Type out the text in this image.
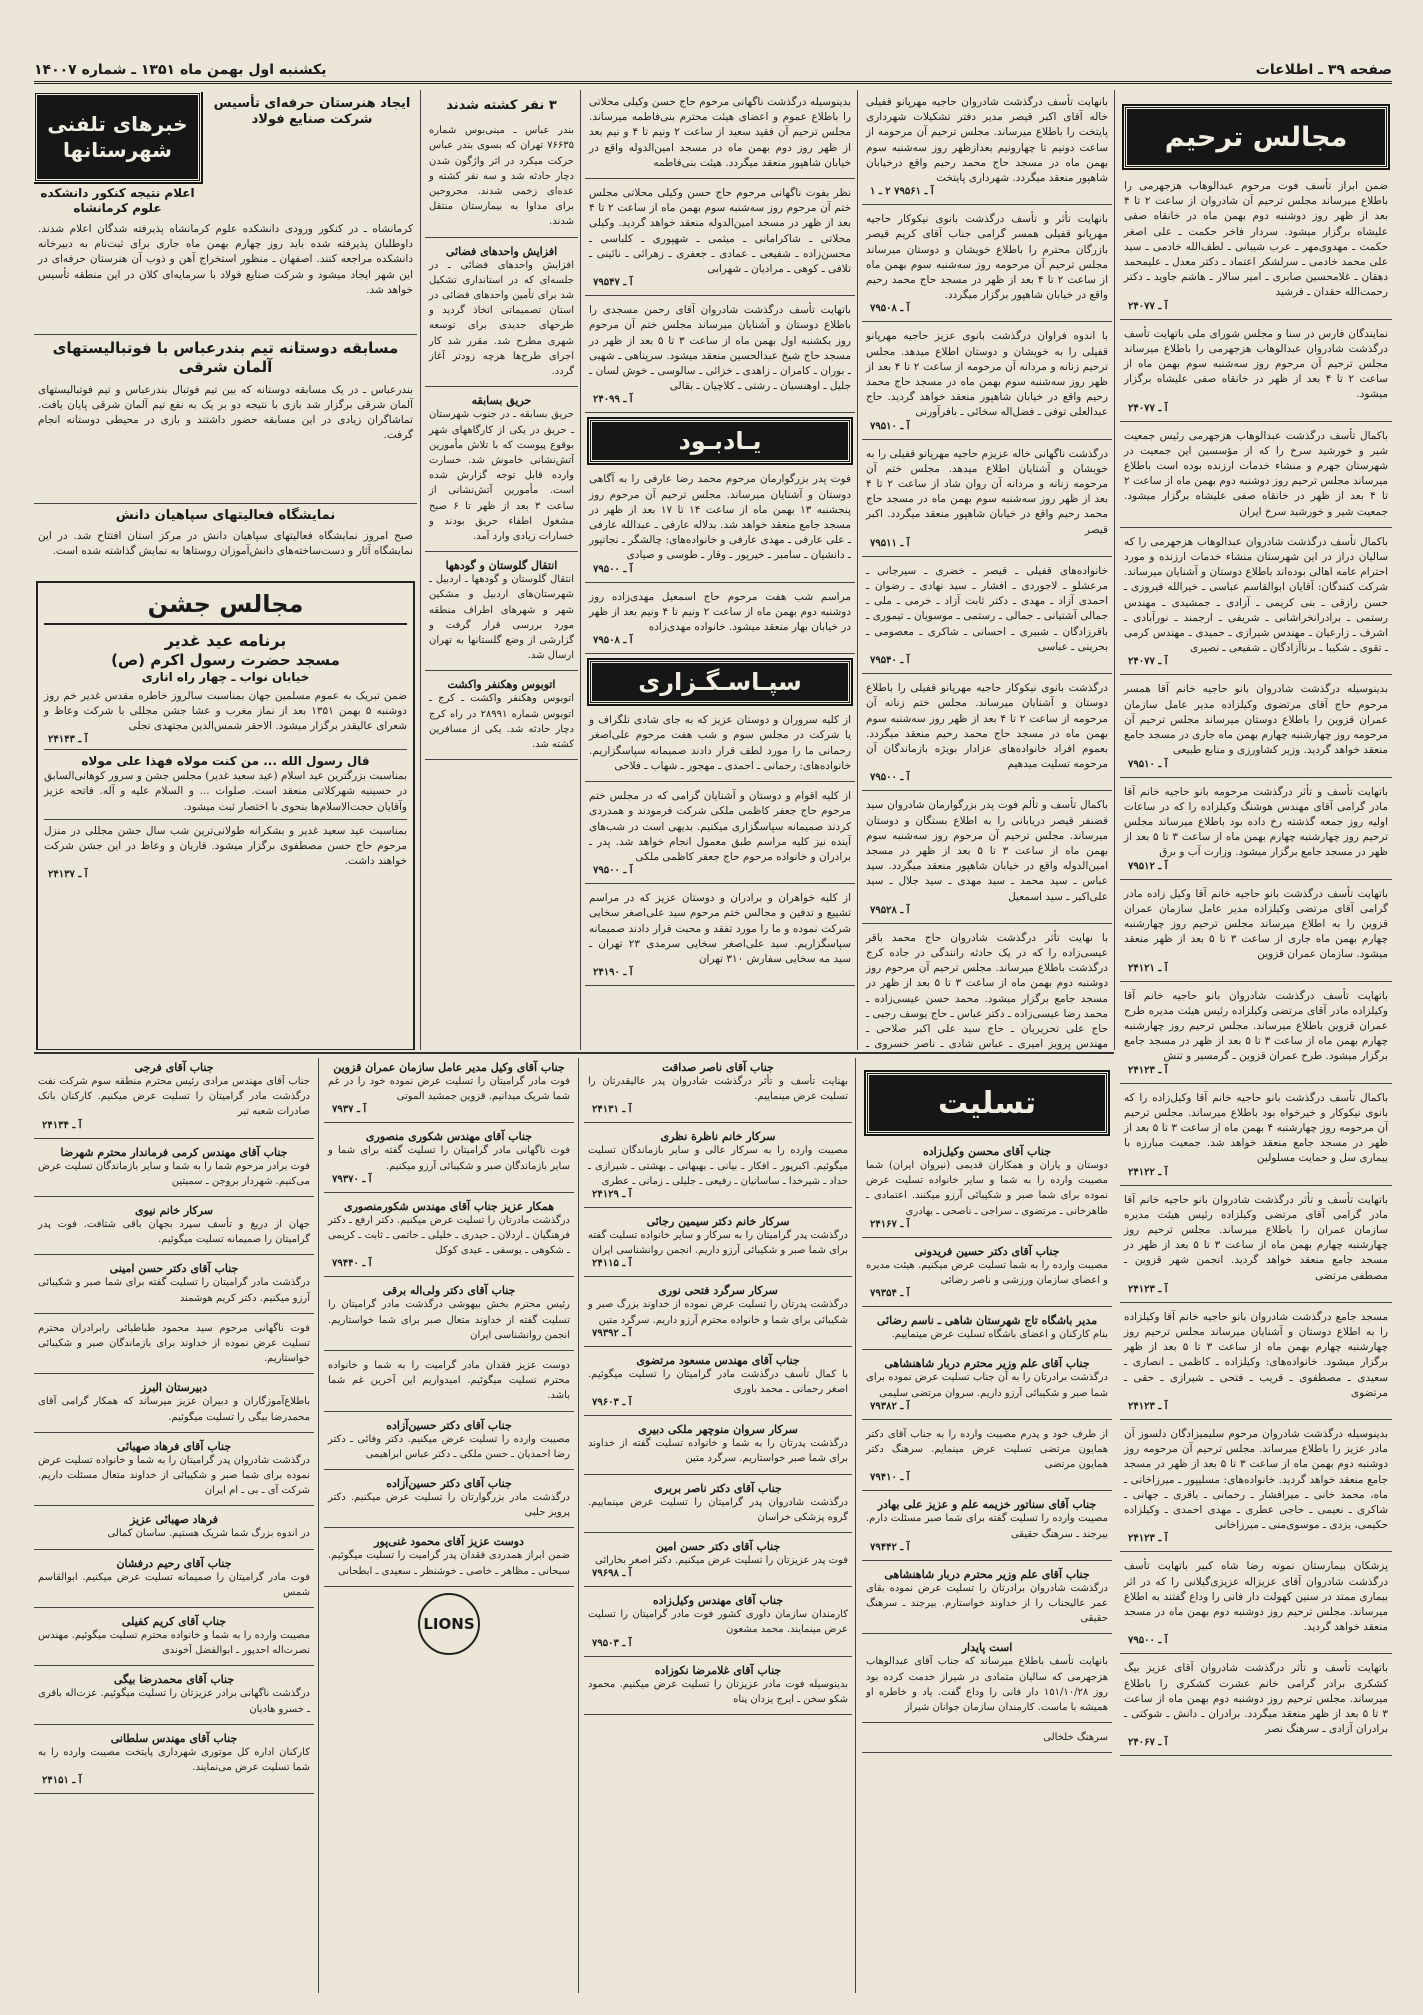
صفحه ۳۹ ـ اطلاعات
یکشنبه اول بهمن ماه ۱۳۵۱ ـ شماره ۱۴۰۰۷
مجالس ترحیم
ضمن ابراز تأسف فوت مرحوم عبدالوهاب هزجهرمی را باطلاع میرساند مجلس ترحیم آن شادروان از ساعت ۲ تا ۴ بعد از ظهر روز دوشنبه دوم بهمن ماه در خانقاه صفی علیشاه برگزار میشود. سردار فاخر حکمت ـ علی اصغر حکمت ـ مهدوی‌مهر ـ عرب شیبانی ـ لطف‌الله خادمی ـ سید علی محمد خادمی ـ سرلشکر اعتماد ـ دکتر معدل ـ علیمحمد دهقان ـ غلامحسین صابری ـ امیر سالار ـ هاشم جاوید ـ دکتر رحمت‌الله حقدان ـ فرشید
آ ـ ۲۴۰۷۷
نمایندگان فارس در سنا و مجلس شورای ملی باتهایت تأسف درگذشت شادروان عبدالوهاب هزجهرمی را باطلاع میرساند مجلس ترحیم آن مرحوم روز سه‌شنبه سوم بهمن ماه از ساعت ۲ تا ۴ بعد از ظهر در خانقاه صفی علیشاه برگزار میشود.
آ ـ ۲۴۰۷۷
باکمال تأسف درگذشت عبدالوهاب هزجهرمی رئیس جمعیت شیر و خورشید سرخ را که از مؤسسین این جمعیت در شهرستان جهرم و منشاء خدمات ارزنده بوده است باطلاع میرساند مجلس ترحیم روز دوشنبه دوم بهمن ماه از ساعت ۲ تا ۴ بعد از ظهر در خانقاه صفی علیشاه برگزار میشود. جمعیت شیر و خورشید سرخ ایران
باکمال تأسف درگذشت شادروان عبدالوهاب هزجهرمی را که سالیان دراز در این شهرستان منشاء خدمات ارزنده و مورد احترام عامه اهالی بوده‌اند باطلاع دوستان و آشنایان میرساند. شرکت کنندگان: آقایان ابوالقاسم عباسی ـ خیرالله فیروزی ـ حسن رازقی ـ بنی کریمی ـ آزادی ـ جمشیدی ـ مهندس رستمی ـ برادرانخراشانی ـ شریفی ـ ارجمند ـ نورآبادی ـ اشرف ـ زارعیان ـ مهندس شیرازی ـ حمیدی ـ مهندس کرمی ـ تقوی ـ شکیبا ـ برناآزادگان ـ شفیعی ـ نصیری
آ ـ ۲۴۰۷۷
بدینوسیله درگذشت شادروان بانو حاجیه خانم آقا همسر مرحوم حاج آقای مرتضوی وکیلزاده مدیر عامل سازمان عمران قزوین را باطلاع دوستان میرساند مجلس ترحیم آن مرحومه روز چهارشنبه چهارم بهمن ماه جاری در مسجد جامع منعقد خواهد گردید. وزیر کشاورزی و منابع طبیعی
آ ـ ۷۹۵۱۰
باتهایت تأسف و تأثر درگذشت مرحومه بانو حاجیه خانم آقا مادر گرامی آقای مهندس هوشنگ وکیلزاده را که در ساعات اولیه روز جمعه گذشته رخ داده بود باطلاع میرساند مجلس ترحیم روز چهارشنبه چهارم بهمن ماه از ساعت ۳ تا ۵ بعد از ظهر در مسجد جامع برگزار میشود. وزارت آب و برق
آ ـ ۷۹۵۱۲
باتهایت تأسف درگذشت بانو حاجیه خانم آقا وکیل زاده مادر گرامی آقای مرتضی وکیلزاده مدیر عامل سازمان عمران قزوین را به اطلاع میرساند مجلس ترحیم روز چهارشنبه چهارم بهمن ماه جاری از ساعت ۳ تا ۵ بعد از ظهر منعقد میشود. سازمان عمران قزوین
آ ـ ۲۴۱۲۱
باتهایت تأسف درگذشت شادروان بانو حاجیه خانم آقا وکیلزاده مادر آقای مرتضی وکیلزاده رئیس هیئت مدیره طرح عمران قزوین باطلاع میرساند. مجلس ترحیم روز چهارشنبه چهارم بهمن ماه از ساعت ۳ تا ۵ بعد از ظهر در مسجد جامع برگزار میشود. طرح عمران قزوین ـ گرمسیر و تنش
آ ـ ۲۴۱۲۳
باکمال تأسف درگذشت بانو حاجیه خانم آقا وکیل‌زاده را که بانوی نیکوکار و خیرخواه بود باطلاع میرساند. مجلس ترحیم آن مرحومه روز چهارشنبه ۴ بهمن ماه از ساعت ۳ تا ۵ بعد از ظهر در مسجد جامع منعقد خواهد شد. جمعیت مبارزه با بیماری سل و حمایت مسلولین
آ ـ ۲۴۱۲۲
باتهایت تأسف و تأثر درگذشت شادروان بانو حاجیه خانم آقا مادر گرامی آقای مرتضی وکیلزاده رئیس هیئت مدیره سازمان عمران را باطلاع میرساند. مجلس ترحیم روز چهارشنبه چهارم بهمن ماه از ساعت ۳ تا ۵ بعد از ظهر در مسجد جامع منعقد خواهد گردید. انجمن شهر قزوین ـ مصطفی مرتضی
آ ـ ۲۴۱۲۳
مسجد جامع درگذشت شادروان بانو حاجیه خانم آقا وکیلزاده را به اطلاع دوستان و آشنایان میرساند مجلس ترحیم روز چهارشنبه چهارم بهمن ماه از ساعت ۳ تا ۵ بعد از ظهر برگزار میشود. خانواده‌های: وکیلزاده ـ کاظمی ـ انصاری ـ سعیدی ـ مصطفوی ـ قریب ـ فتحی ـ شیرازی ـ حقی ـ مرتضوی
آ ـ ۲۴۱۲۳
بدینوسیله درگذشت شادروان مرحوم سلیمیزادگان دلسوز آن مادر عزیز را باطلاع میرساند. مجلس ترحیم آن مرحومه روز دوشنبه دوم بهمن ماه از ساعت ۳ تا ۵ بعد از ظهر در مسجد جامع منعقد خواهد گردید. خانواده‌های: مسلیپور ـ میرزاخانی ـ ماه، محمد خانی ـ میرافشار ـ رحمانی ـ باقری ـ جهانی ـ شاکری ـ نعیمی ـ حاجی عطری ـ مهدی احمدی ـ وکیلزاده حکیمی، یزدی ـ موسوی‌منی ـ میرزاخانی
آ ـ ۲۴۱۲۳
پزشکان بیمارستان نمونه رضا شاه کبیر باتهایت تأسف درگذشت شادروان آقای عزیزاله عزیزی‌گیلانی را که در اثر بیماری ممتد در سنین کهولت دار فانی را وداع گفتند به اطلاع میرساند. مجلس ترحیم روز دوشنبه دوم بهمن ماه در مسجد منعقد خواهد گردید.
آ ـ ۷۹۵۰۰
باتهایت تأسف و تأثر درگذشت شادروان آقای عزیز بیگ کشکری برادر گرامی خانم عشرت کشکری را باطلاع میرساند. مجلس ترحیم روز دوشنبه دوم بهمن ماه از ساعت ۳ تا ۵ بعد از ظهر منعقد میگردد. برادران ـ دانش ـ شوکتی ـ برادران آزادی ـ سرهنگ نصر
آ ـ ۲۴۰۶۷
بانهایت تأسف درگذشت شادروان حاجیه مهرپانو قفیلی خاله آقای اکبر قیصر مدیر دفتر تشکیلات شهرداری پایتخت را باطلاع میرساند. مجلس ترحیم آن مرحومه از ساعت دونیم تا چهارونیم بعدازظهر روز سه‌شنبه سوم بهمن ماه در مسجد حاج محمد رحیم واقع درخیابان شاهپور منعقد میگردد. شهرداری پایتخت
آ ـ ۷۹۵۶۱ ۲ ـ ۱
بانهایت تأثر و تأسف درگذشت بانوی نیکوکار حاجیه مهرپانو قفیلی همسر گرامی جناب آقای کریم قیصر بازرگان محترم را باطلاع خویشان و دوستان میرساند مجلس ترحیم آن مرحومه روز سه‌شنبه سوم بهمن ماه از ساعت ۲ تا ۴ بعد از ظهر در مسجد حاج محمد رحیم واقع در خیابان شاهپور برگزار میگردد.
آ ـ ۷۹۵۰۸
با اندوه فراوان درگذشت بانوی عزیز حاجیه مهرپانو قفیلی را به خویشان و دوستان اطلاع میدهد. مجلس ترحیم زنانه و مردانه آن مرحومه از ساعت ۲ تا ۴ بعد از ظهر روز سه‌شنبه سوم بهمن ماه در مسجد حاج محمد رحیم واقع در خیابان شاهپور منعقد خواهد گردید. حاج عبدالعلی توفی ـ فضل‌اله سخائی ـ بافرآورنی
آ ـ ۷۹۵۱۰
درگذشت ناگهانی خاله عزیزم حاجیه مهرپانو قفیلی را به خویشان و آشنایان اطلاع میدهد. مجلس ختم آن مرحومه زنانه و مردانه آن روان شاد از ساعت ۲ تا ۴ بعد از ظهر روز سه‌شنبه سوم بهمن ماه در مسجد حاج محمد رحیم واقع در خیابان شاهپور منعقد میگردد. اکبر قیصر
آ ـ ۷۹۵۱۱
خانواده‌های قفیلی ـ قیصر ـ خضری ـ سیرجانی ـ مرعشلو ـ لاجوردی ـ افشار ـ سید نهادی ـ رضوان ـ احمدی آزاد ـ مهدی ـ دکتر ثابت آزاد ـ خرمی ـ ملی ـ جمالی آشتیانی ـ جمالی ـ رستمی ـ موسویان ـ تیموری ـ باقرزادگان ـ شبیری ـ احسانی ـ شاکری ـ معصومی ـ بحرینی ـ عباسی
آ ـ ۷۹۵۴۰
درگذشت بانوی نیکوکار حاجیه مهرپانو قفیلی را باطلاع دوستان و آشنایان میرساند. مجلس ختم زنانه آن مرحومه از ساعت ۲ تا ۴ بعد از ظهر روز سه‌شنبه سوم بهمن ماه در مسجد حاج محمد رحیم منعقد میگردد. بعموم افراد خانواده‌های عزادار بویژه بازماندگان آن مرحومه تسلیت میدهیم
آ ـ ۷۹۵۰۰
باکمال تأسف و تألم فوت پدر بزرگوارمان شادروان سید قضنفر قیصر دریابانی را به اطلاع بستگان و دوستان میرساند. مجلس ترحیم آن مرحوم روز سه‌شنبه سوم بهمن ماه از ساعت ۳ تا ۵ بعد از ظهر در مسجد امین‌الدوله واقع در خیابان شاهپور منعقد میگردد. سید عباس ـ سید محمد ـ سید مهدی ـ سید جلال ـ سید علی‌اکبر ـ سید اسمعیل
آ ـ ۷۹۵۲۸
با نهایت تأثر درگذشت شادروان حاج محمد باقر عیسی‌زاده را که در یک حادثه رانندگی در جاده کرج درگذشت باطلاع میرساند. مجلس ترحیم آن مرحوم روز دوشنبه دوم بهمن ماه از ساعت ۳ تا ۵ بعد از ظهر در مسجد جامع برگزار میشود. محمد حسن عیسی‌زاده ـ محمد رضا عیسی‌زاده ـ دکتر عباس ـ حاج یوسف رجبی ـ حاج علی تحریریان ـ حاج سید علی اکبر صلاحی ـ مهندس پرویز امیری ـ عباس شادی ـ ناصر خسروی ـ
بدینوسیله درگذشت ناگهانی مرحوم حاج حسن وکیلی محلاتی را باطلاع عموم و اعضای هیئت محترم بنی‌فاطمه میرساند. مجلس ترحیم آن فقید سعید از ساعت ۲ ونیم تا ۴ و نیم بعد از ظهر روز دوم بهمن ماه در مسجد امین‌الدوله واقع در خیابان شاهپور منعقد میگردد. هیئت بنی‌فاطمه
نظر بفوت ناگهانی مرحوم حاج حسن وکیلی محلاتی مجلس ختم آن مرحوم روز سه‌شنبه سوم بهمن ماه از ساعت ۲ تا ۴ بعد از ظهر در مسجد امین‌الدوله منعقد خواهد گردید. وکیلی محلاتی ـ شاکرامانی ـ میثمی ـ شهپوری ـ کلباسی ـ محسن‌زاده ـ شفیعی ـ عمادی ـ جعفری ـ زهرائی ـ نائینی ـ تلافی ـ کوهی ـ مرادیان ـ شهرابی
آ ـ ۷۹۵۴۷
باتهایت تأسف درگذشت شادروان آقای رحمن مسجدی را باطلاع دوستان و آشنایان میرساند مجلس ختم آن مرحوم روز یکشنبه اول بهمن ماه از ساعت ۳ تا ۵ بعد از ظهر در مسجد حاج شیخ عبدالحسین منعقد میشود. سرپناهی ـ شهبی ـ بوران ـ کامران ـ زاهدی ـ خزائی ـ سالوسی ـ خوش لسان ـ جلیل ـ اوهنسیان ـ رشتی ـ کلاچیان ـ بقالی
آ ـ ۲۴۰۹۹
یـادبـود
فوت پدر بزرگوارمان مرحوم محمد رضا عارفی را به آگاهی دوستان و آشنایان میرساند. مجلس ترحیم آن مرحوم روز پنجشنبه ۱۳ بهمن ماه از ساعت ۱۴ تا ۱۷ بعد از ظهر در مسجد جامع منعقد خواهد شد. بدلاله عارفی ـ عبدالله عارفی ـ علی عارفی ـ مهدی عارفی و خانواده‌های: چالشگر ـ نجاتپور ـ دانشیان ـ سامبر ـ خیرپور ـ وقار ـ طوسی و صیادی
آ ـ ۷۹۵۰۰
مراسم شب هفت مرحوم حاج اسمعیل مهدی‌زاده روز دوشنبه دوم بهمن ماه از ساعت ۲ ونیم تا ۴ ونیم بعد از ظهر در خیابان بهار منعقد میشود. خانواده مهدی‌زاده
آ ـ ۷۹۵۰۸
سپـاسـگـزاری
از کلیه سروران و دوستان عزیز که به جای شادی تلگراف و یا شرکت در مجلس سوم و شب هفت مرحوم علی‌اصغر رحمانی ما را مورد لطف قرار دادند صمیمانه سپاسگزاریم. خانواده‌های: رحمانی ـ احمدی ـ مهجور ـ شهاب ـ فلاحی
از کلیه اقوام و دوستان و آشنایان گرامی که در مجلس ختم مرحوم حاج جعفر کاظمی ملکی شرکت فرمودند و همدردی کردند صمیمانه سپاسگزاری میکنیم. بدیهی است در شب‌های آینده نیز کلیه مراسم طبق معمول انجام خواهد شد. پدر ـ برادران و خانواده مرحوم حاج جعفر کاظمی ملکی
آ ـ ۷۹۵۰۰
از کلیه خواهران و برادران و دوستان عزیز که در مراسم تشییع و تدفین و مجالس ختم مرحوم سید علی‌اصغر سخایی شرکت نموده و ما را مورد تفقد و محبت قرار دادند صمیمانه سپاسگزاریم. سید علی‌اصغر سخایی سرمدی ۲۳ تهران ـ سید مه سخایی سفارش ۳۱۰ تهران
آ ـ ۲۴۱۹۰
۳ نفر کشته شدند
بندر عباس ـ مینی‌بوس شماره ۷۶۶۳۵ تهران که بسوی بندر عباس حرکت میکرد در اثر واژگون شدن دچار حادثه شد و سه نفر کشته و عده‌ای زخمی شدند. مجروحین برای مداوا به بیمارستان منتقل شدند.
افزایش واحدهای فضائی
افزایش واحدهای فضائی ـ در جلسه‌ای که در استانداری تشکیل شد برای تأمین واحدهای فضائی در استان تصمیماتی اتخاذ گردید و طرحهای جدیدی برای توسعه شهری مطرح شد. مقرر شد کار اجرای طرح‌ها هرچه زودتر آغاز گردد.
حریق بسابقه
حریق بسابقه ـ در جنوب شهرستان ـ حریق در یکی از کارگاههای شهر بوقوع پیوست که با تلاش مأمورین آتش‌نشانی خاموش شد. خسارت وارده قابل توجه گزارش شده است. مأمورین آتش‌نشانی از ساعت ۳ بعد از ظهر تا ۶ صبح مشغول اطفاء حریق بودند و خسارات زیادی وارد آمد.
انتقال گلوستان و گودهها
انتقال گلوستان و گودهها ـ اردبیل ـ شهرستان‌های اردبیل و مشکین شهر و شهرهای اطراف منطقه مورد بررسی قرار گرفت و گزارشی از وضع گلستانها به تهران ارسال شد.
اتوبوس وهکنفر واکشت
اتوبوس وهکنفر واکشت ـ کرج ـ اتوبوس شماره ۲۸۹۹۱ در راه کرج دچار حادثه شد. یکی از مسافرین کشته شد.
ایجاد هنرستان حرفه‌ای تأسیس شرکت صنایع فولاد
خبرهای تلفنی شهرستانها
اعلام نتیجه کنکور دانشکده علوم کرمانشاه
کرمانشاه ـ در کنکور ورودی دانشکده علوم کرمانشاه پذیرفته شدگان اعلام شدند. داوطلبان پذیرفته شده باید روز چهارم بهمن ماه جاری برای ثبت‌نام به دبیرخانه دانشکده مراجعه کنند. اصفهان ـ منظور استخراج آهن و ذوب آن هنرستان حرفه‌ای در این شهر ایجاد میشود و شرکت صنایع فولاد با سرمایه‌ای کلان در این منطقه تأسیس خواهد شد.
مسابقه دوستانه تیم بندرعباس با فوتبالیستهای آلمان شرقی
بندرعباس ـ در یک مسابقه دوستانه که بین تیم فوتبال بندرعباس و تیم فوتبالیستهای آلمان شرقی برگزار شد بازی با نتیجه دو بر یک به نفع تیم آلمان شرقی پایان یافت. تماشاگران زیادی در این مسابقه حضور داشتند و بازی در محیطی دوستانه انجام گرفت.
نمایشگاه فعالیتهای سپاهیان دانش
صبح امروز نمایشگاه فعالیتهای سپاهیان دانش در مرکز استان افتتاح شد. در این نمایشگاه آثار و دست‌ساخته‌های دانش‌آموزان روستاها به نمایش گذاشته شده است.
مجالس جشن
برنامه عید غدیر
مسجد حضرت رسول اکرم (ص)
خیابان نواب ـ چهار راه اناری
ضمن تبریک به عموم مسلمین جهان بمناسبت سالروز خاطره مقدس غدیر خم روز دوشنبه ۵ بهمن ۱۳۵۱ بعد از نماز مغرب و عشا جشن مجللی با شرکت وعاظ و شعرای عالیقدر برگزار میشود. الاحقر شمس‌الدین مجتهدی تجلی
آ ـ ۲۴۱۴۳
قال رسول الله ... من کنت مولاه فهذا علی مولاه
بمناسبت بزرگترین عید اسلام (عید سعید غدیر) مجلس جشن و سرور کوهانی‌السابق در حسینیه شهرکلاتی منعقد است. صلوات ... و السلام علیه و آله. فاتحه عزیز وآقایان حجت‌الاسلام‌ها بنحوی با اختصار ثبت میشود.
بمناسبت عید سعید غدیر و بشکرانه طولانی‌ترین شب سال جشن مجللی در منزل مرحوم حاج حسن مصطفوی برگزار میشود. قاریان و وعاظ در این جشن شرکت خواهند داشت.
آ ـ ۲۴۱۳۷
تسلیت
جناب آقای محسن وکیل‌زاده
دوستان و یاران و همکاران قدیمی (نیروان ایران) شما مصیبت وارده را به شما و سایر خانواده تسلیت عرض نموده برای شما صبر و شکیبائی آرزو میکنند. اعتمادی ـ طاهرخانی ـ مرتضوی ـ سراجی ـ ناصحی ـ بهادری
آ ـ ۲۴۱۶۷
جناب آقای دکتر حسین فریدونی
مصیبت وارده را به شما تسلیت عرض میکنیم. هیئت مدیره و اعضای سازمان ورزشی و ناصر رضائی
آ ـ ۷۹۳۵۴
مدیر باشگاه تاج شهرستان شاهی ـ ناسم رضائی
بنام کارکنان و اعضای باشگاه تسلیت عرض مینماییم.
جناب آقای علم وزیر محترم دربار شاهنشاهی
درگذشت برادرتان را به آن جناب تسلیت عرض نموده برای شما صبر و شکیبائی آرزو داریم. سروان مرتضی سلیمی
آ ـ ۷۹۳۸۲
از طرف خود و پدرم مصیبت وارده را به جناب آقای دکتر همایون مرتضی تسلیت عرض مینمایم. سرهنگ دکتر همایون مرتضی
آ ـ ۷۹۴۱۰
جناب آقای سناتور خزیمه علم و عزیز علی بهادر
مصیبت وارده را تسلیت گفته برای شما صبر مسئلت دارم. بیرجند ـ سرهنگ حقیقی
آ ـ ۷۹۴۴۲
جناب آقای علم وزیر محترم دربار شاهنشاهی
درگذشت شادروان برادرتان را تسلیت عرض نموده بقای عمر عالیجناب را از خداوند خواستارم. بیرجند ـ سرهنگ حقیقی
است پایدار
بانهایت تأسف باطلاع میرساند که جناب آقای عبدالوهاب هزجهرمی که سالیان متمادی در شیراز خدمت کرده بود روز ۱۵۱/۱۰/۲۸ دار فانی را وداع گفت. یاد و خاطره او همیشه با ماست. کارمندان سازمان جوانان شیراز
سرهنگ خلخالی
جناب آقای ناصر صداقت
بهنایت تأسف و تأثر درگذشت شادروان پدر عالیقدرتان را تسلیت عرض مینماییم.
آ ـ ۲۴۱۳۱
سرکار خانم ناظرة نظری
مصیبت وارده را به سرکار عالی و سایر بازماندگان تسلیت میگوئیم. اکبرپور ـ افکار ـ بیانی ـ بهبهانی ـ بهشتی ـ شیرازی ـ حداد ـ شیرخدا ـ ساسانیان ـ رفیعی ـ جلیلی ـ زمانی ـ عطری
آ ـ ۲۴۱۲۹
سرکار خانم دکتر سیمین رجائی
درگذشت پدر گرامیتان را به سرکار و سایر خانواده تسلیت گفته برای شما صبر و شکیبائی آرزو داریم. انجمن روانشناسی ایران
آ ـ ۲۴۱۱۵
سرکار سرگرد فتحی نوری
درگذشت پدرتان را تسلیت عرض نموده از خداوند بزرگ صبر و شکیبائی برای شما و خانواده محترم آرزو داریم. سرگرد متین
آ ـ ۷۹۳۹۲
جناب آقای مهندس مسعود مرتضوی
با کمال تأسف درگذشت مادر گرامیتان را تسلیت میگوئیم. اصغر رحمانی ـ محمد باوری
آ ـ ۷۹۶۰۳
سرکار سروان منوچهر ملکی دبیری
درگذشت پدرتان را به شما و خانواده تسلیت گفته از خداوند برای شما صبر خواستاریم. سرگرد متین
جناب آقای دکتر ناصر بربری
درگذشت شادروان پدر گرامیتان را تسلیت عرض مینماییم. گروه پزشکی خراسان
جناب آقای دکتر حسن امین
فوت پدر عزیزتان را تسلیت عرض میکنیم. دکتر اصغر بخارائی
آ ـ ۷۹۶۹۸
جناب آقای مهندس وکیل‌زاده
کارمندان سازمان داوری کشور فوت مادر گرامیتان را تسلیت عرض مینمایند. محمد مشعون
آ ـ ۷۹۵۰۳
جناب آقای غلامرضا نکوزاده
بدینوسیله فوت مادر عزیزتان را تسلیت عرض میکنیم. محمود شکو سخن ـ ایرج یزدان پناه
جناب آقای وکیل مدیر عامل سازمان عمران قزوین
فوت مادر گرامیتان را تسلیت عرض نموده خود را در غم شما شریک میدانیم. قزوین جمشید الموتی
آ ـ ۷۹۳۷
جناب آقای مهندس شکوری منصوری
فوت ناگهانی مادر گرامیتان را تسلیت گفته برای شما و سایر بازماندگان صبر و شکیبائی آرزو میکنیم.
آ ـ ۷۹۳۷۰
همکار عزیز جناب آقای مهندس شکورمنصوری
درگذشت مادرتان را تسلیت عرض میکنیم. دکتر ارفع ـ دکتر فرهنگیان ـ اردلان ـ حیدری ـ خلیلی ـ حاتمی ـ ثابت ـ کریمی ـ شکوهی ـ یوسفی ـ عیدی کوکل
آ ـ ۷۹۴۴۰
جناب آقای دکتر ولی‌اله برقی
رئیس محترم بخش بیهوشی درگذشت مادر گرامیتان را تسلیت گفته از خداوند متعال صبر برای شما خواستاریم. انجمن روانشناسی ایران
دوست عزیز فقدان مادر گرامیت را به شما و خانواده محترم تسلیت میگوئیم. امیدواریم این آخرین غم شما باشد.
جناب آقای دکتر حسین‌آزاده
مصیبت وارده را تسلیت عرض میکنیم. دکتر وفائی ـ دکتر رضا احمدیان ـ حسن ملکی ـ دکتر عباس ابراهیمی
جناب آقای دکتر حسین‌آزاده
درگذشت مادر بزرگوارتان را تسلیت عرض میکنیم. دکتر پرویز حلبی
دوست عزیز آقای محمود غنی‌پور
ضمن ابراز همدردی فقدان پدر گرامیت را تسلیت میگوئیم. سبحانی ـ مظاهر ـ خاصی ـ خوشنظر ـ سعیدی ـ ابطحانی
LIONS
جناب آقای فرجی
جناب آقای مهندس مرادی رئیس محترم منطقه سوم شرکت نفت درگذشت مادر گرامیتان را تسلیت عرض میکنیم. کارکنان بانک صادرات شعبه تیر
آ ـ ۲۴۱۳۴
جناب آقای مهندس کرمی فرماندار محترم شهرضا
فوت برادر مرحوم شما را به شما و سایر بازماندگان تسلیت عرض می‌کنیم. شهردار بروجن ـ سمیتین
سرکار خانم نیوی
جهان از دریغ و تأسف سپرد بجهان باقی شتافت. فوت پدر گرامیتان را صمیمانه تسلیت میگوئیم.
جناب آقای دکتر حسن امینی
درگذشت مادر گرامیتان را تسلیت گفته برای شما صبر و شکیبائی آرزو میکنیم. دکتر کریم هوشمند
فوت ناگهانی مرحوم سید محمود طباطبائی رابرادران محترم تسلیت عرض نموده از خداوند برای بازماندگان صبر و شکیبائی خواستاریم.
دبیرستان البرز
باطلاع‌آموزگاران و دبیران عزیز میرساند که همکار گرامی آقای محمدرضا بیگی را تسلیت میگوئیم.
جناب آقای فرهاد صهبائی
درگذشت شادروان پدر گرامیتان را به شما و خانواده تسلیت عرض نموده برای شما صبر و شکیبائی از خداوند متعال مسئلت داریم. شرکت آی ـ بی ـ ام ایران
فرهاد صهبائی عزیز
در اندوه بزرگ شما شریک هستیم. ساسان کمالی
جناب آقای رحیم درفشان
فوت مادر گرامیتان را صمیمانه تسلیت عرض میکنیم. ابوالقاسم شمس
جناب آقای کریم کفیلی
مصیبت وارده را به شما و خانواده محترم تسلیت میگوئیم. مهندس نصرت‌اله احدپور ـ ابوالفضل آخوندی
جناب آقای محمدرضا بیگی
درگذشت ناگهانی برادر عزیزتان را تسلیت میگوئیم. عزت‌اله باقری ـ خسرو هادیان
جناب آقای مهندس سلطانی
کارکنان اداره کل موتوری شهرداری پایتخت مصیبت وارده را به شما تسلیت عرض می‌نمایند.
آ ـ ۲۴۱۵۱
